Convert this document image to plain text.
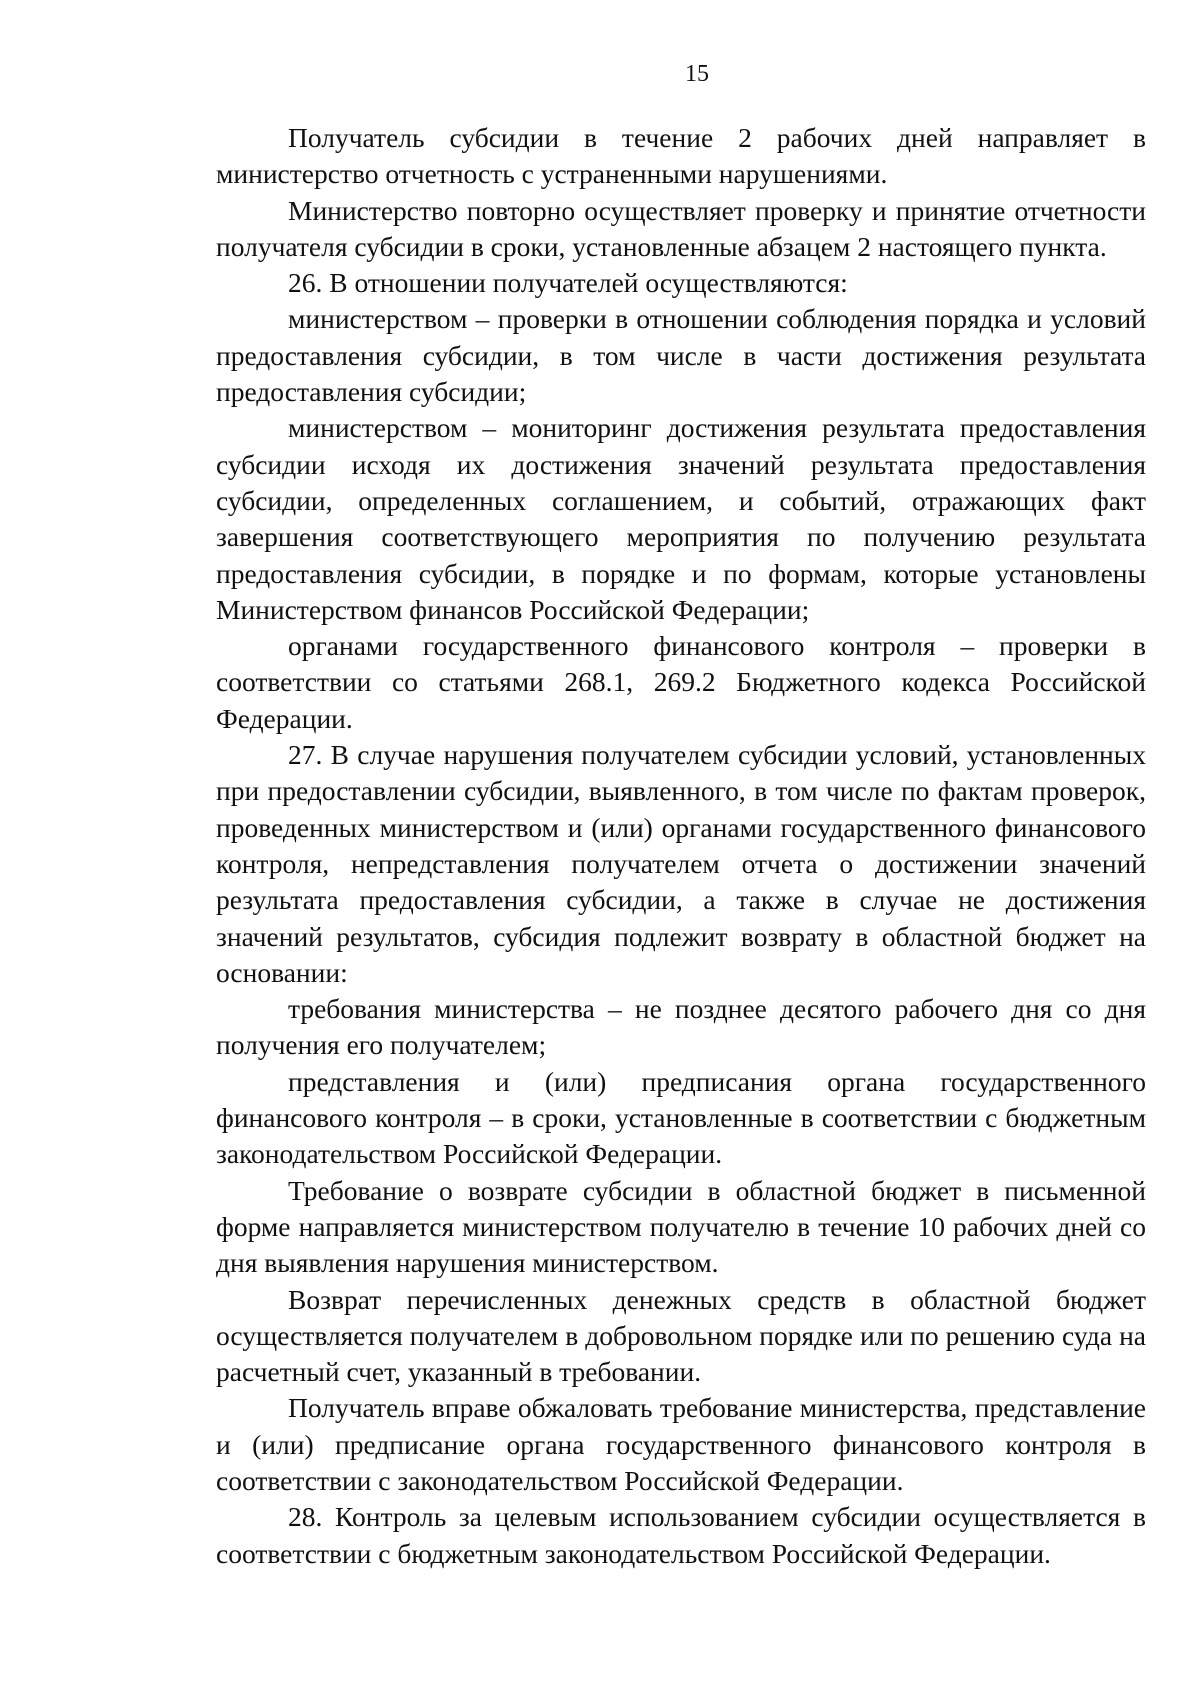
15

Получатель субсидии в течение 2 рабочих дней направляет в министерство отчетность с устраненными нарушениями.

Министерство повторно осуществляет проверку и принятие отчетности получателя субсидии в сроки, установленные абзацем 2 настоящего пункта.

26. В отношении получателей осуществляются:

министерством – проверки в отношении соблюдения порядка и условий предоставления субсидии, в том числе в части достижения результата предоставления субсидии;

министерством – мониторинг достижения результата предоставления субсидии исходя их достижения значений результата предоставления субсидии, определенных соглашением, и событий, отражающих факт завершения соответствующего мероприятия по получению результата предоставления субсидии, в порядке и по формам, которые установлены Министерством финансов Российской Федерации;

органами государственного финансового контроля – проверки в соответствии со статьями 268.1, 269.2 Бюджетного кодекса Российской Федерации.

27. В случае нарушения получателем субсидии условий, установленных при предоставлении субсидии, выявленного, в том числе по фактам проверок, проведенных министерством и (или) органами государственного финансового контроля, непредставления получателем отчета о достижении значений результата предоставления субсидии, а также в случае не достижения значений результатов, субсидия подлежит возврату в областной бюджет на основании:

требования министерства – не позднее десятого рабочего дня со дня получения его получателем;

представления и (или) предписания органа государственного финансового контроля – в сроки, установленные в соответствии с бюджетным законодательством Российской Федерации.

Требование о возврате субсидии в областной бюджет в письменной форме направляется министерством получателю в течение 10 рабочих дней со дня выявления нарушения министерством.

Возврат перечисленных денежных средств в областной бюджет осуществляется получателем в добровольном порядке или по решению суда на расчетный счет, указанный в требовании.

Получатель вправе обжаловать требование министерства, представление и (или) предписание органа государственного финансового контроля в соответствии с законодательством Российской Федерации.

28. Контроль за целевым использованием субсидии осуществляется в соответствии с бюджетным законодательством Российской Федерации.
